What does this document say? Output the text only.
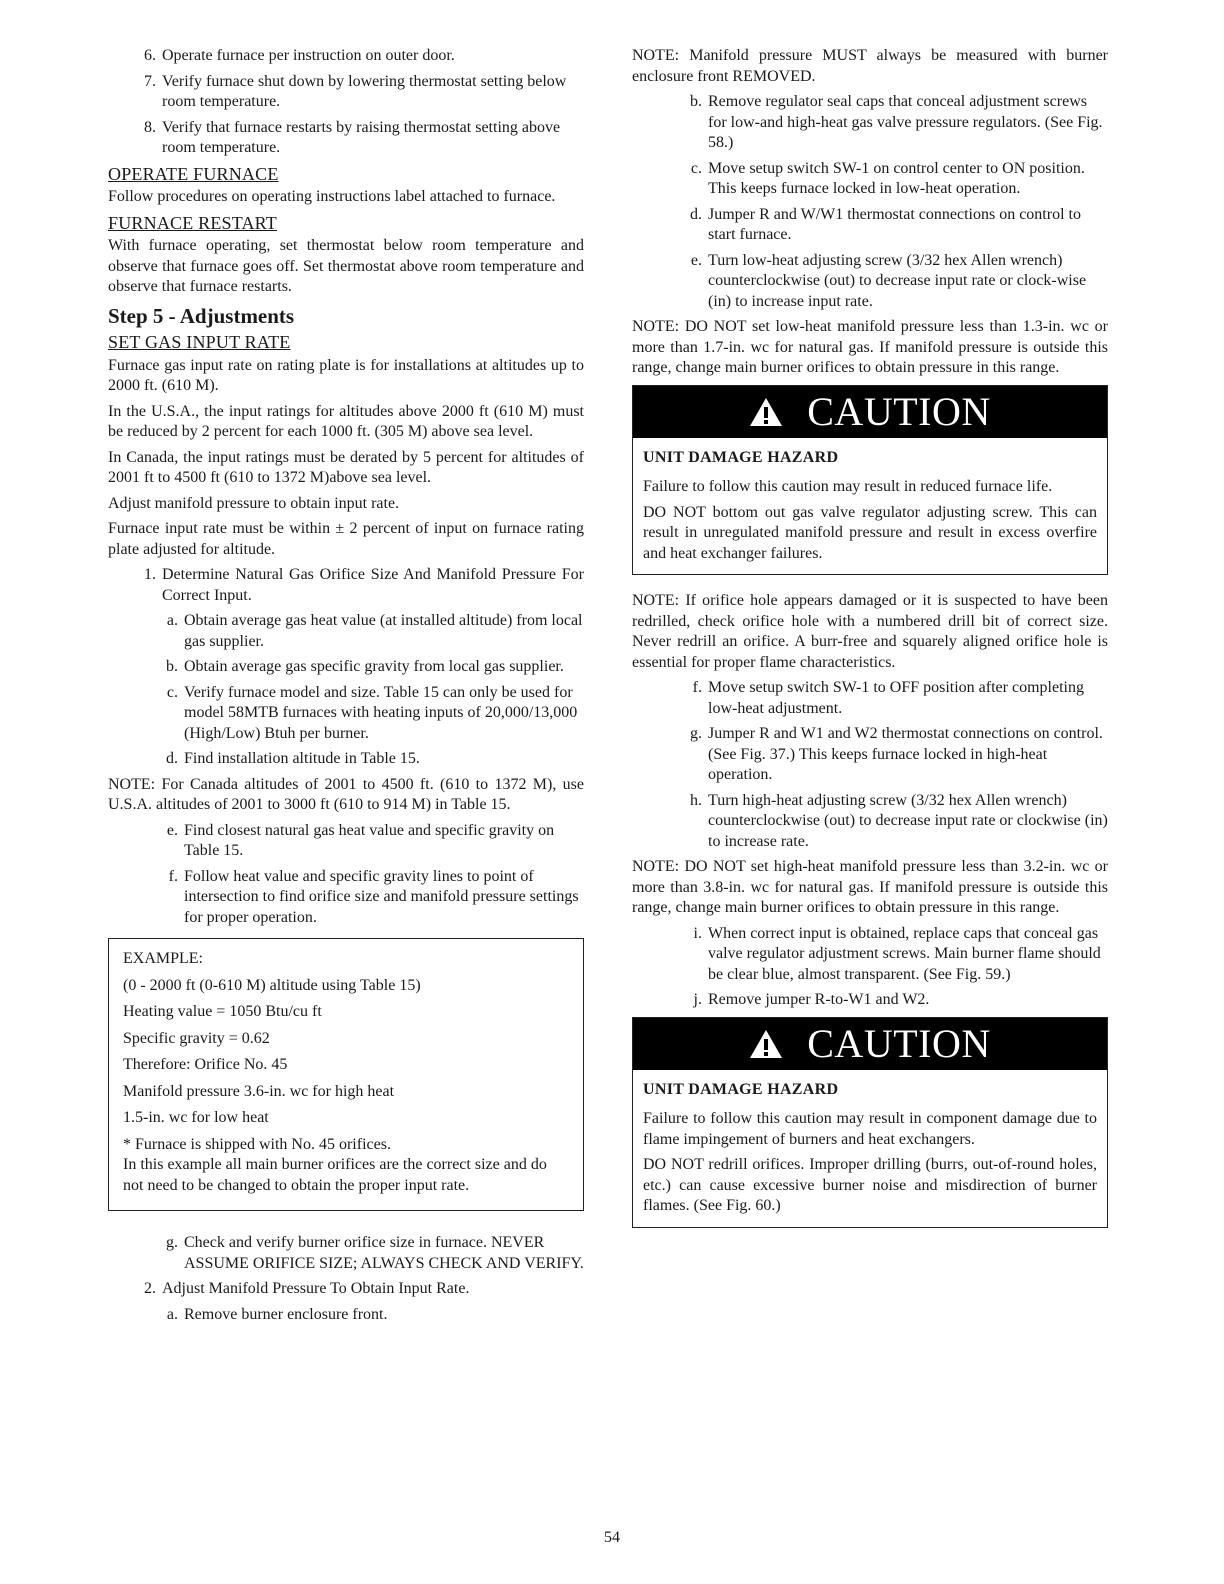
6. Operate furnace per instruction on outer door.
7. Verify furnace shut down by lowering thermostat setting below room temperature.
8. Verify that furnace restarts by raising thermostat setting above room temperature.
OPERATE FURNACE

Follow procedures on operating instructions label attached to furnace.

FURNACE RESTART

With furnace operating, set thermostat below room temperature and observe that furnace goes off. Set thermostat above room temperature and observe that furnace restarts.

Step 5 - Adjustments
SET GAS INPUT RATE

Furnace gas input rate on rating plate is for installations at altitudes up to 2000 ft. (610 M).

In the U.S.A., the input ratings for altitudes above 2000 ft (610 M) must be reduced by 2 percent for each 1000 ft. (305 M) above sea level.

In Canada, the input ratings must be derated by 5 percent for altitudes of 2001 ft to 4500 ft (610 to 1372 M)above sea level.

Adjust manifold pressure to obtain input rate.

Furnace input rate must be within ± 2 percent of input on furnace rating plate adjusted for altitude.

1. Determine Natural Gas Orifice Size And Manifold Pressure For Correct Input.
a. Obtain average gas heat value (at installed altitude) from local gas supplier.
b. Obtain average gas specific gravity from local gas supplier.
c. Verify furnace model and size. Table 15 can only be used for model 58MTB furnaces with heating inputs of 20,000/13,000 (High/Low) Btuh per burner.
d. Find installation altitude in Table 15.

NOTE: For Canada altitudes of 2001 to 4500 ft. (610 to 1372 M), use U.S.A. altitudes of 2001 to 3000 ft (610 to 914 M) in Table 15.

e. Find closest natural gas heat value and specific gravity on Table 15.
f. Follow heat value and specific gravity lines to point of intersection to find orifice size and manifold pressure settings for proper operation.

EXAMPLE:

(0 - 2000 ft (0-610 M) altitude using Table 15)

Heating value = 1050 Btu/cu ft

Specific gravity = 0.62

Therefore: Orifice No. 45

Manifold pressure 3.6-in. wc for high heat

1.5-in. wc for low heat

* Furnace is shipped with No. 45 orifices.

In this example all main burner orifices are the correct size and do not need to be changed to obtain the proper input rate.

g. Check and verify burner orifice size in furnace. NEVER ASSUME ORIFICE SIZE; ALWAYS CHECK AND VERIFY.
2. Adjust Manifold Pressure To Obtain Input Rate.
a. Remove burner enclosure front.

NOTE: Manifold pressure MUST always be measured with burner enclosure front REMOVED.

b. Remove regulator seal caps that conceal adjustment screws for low-and high-heat gas valve pressure regulators. (See Fig. 58.)
c. Move setup switch SW-1 on control center to ON position. This keeps furnace locked in low-heat operation.
d. Jumper R and W/W1 thermostat connections on control to start furnace.
e. Turn low-heat adjusting screw (3/32 hex Allen wrench) counterclockwise (out) to decrease input rate or clock-wise (in) to increase input rate.

NOTE: DO NOT set low-heat manifold pressure less than 1.3-in. wc or more than 1.7-in. wc for natural gas. If manifold pressure is outside this range, change main burner orifices to obtain pressure in this range.

CAUTION
UNIT DAMAGE HAZARD

Failure to follow this caution may result in reduced furnace life.

DO NOT bottom out gas valve regulator adjusting screw. This can result in unregulated manifold pressure and result in excess overfire and heat exchanger failures.

NOTE: If orifice hole appears damaged or it is suspected to have been redrilled, check orifice hole with a numbered drill bit of correct size. Never redrill an orifice. A burr-free and squarely aligned orifice hole is essential for proper flame characteristics.

f. Move setup switch SW-1 to OFF position after completing low-heat adjustment.
g. Jumper R and W1 and W2 thermostat connections on control. (See Fig. 37.) This keeps furnace locked in high-heat operation.
h. Turn high-heat adjusting screw (3/32 hex Allen wrench) counterclockwise (out) to decrease input rate or clockwise (in) to increase rate.

NOTE: DO NOT set high-heat manifold pressure less than 3.2-in. wc or more than 3.8-in. wc for natural gas. If manifold pressure is outside this range, change main burner orifices to obtain pressure in this range.

i. When correct input is obtained, replace caps that conceal gas valve regulator adjustment screws. Main burner flame should be clear blue, almost transparent. (See Fig. 59.)
j. Remove jumper R-to-W1 and W2.
CAUTION
UNIT DAMAGE HAZARD

Failure to follow this caution may result in component damage due to flame impingement of burners and heat exchangers.

DO NOT redrill orifices. Improper drilling (burrs, out-of-round holes, etc.) can cause excessive burner noise and misdirection of burner flames. (See Fig. 60.)

54
